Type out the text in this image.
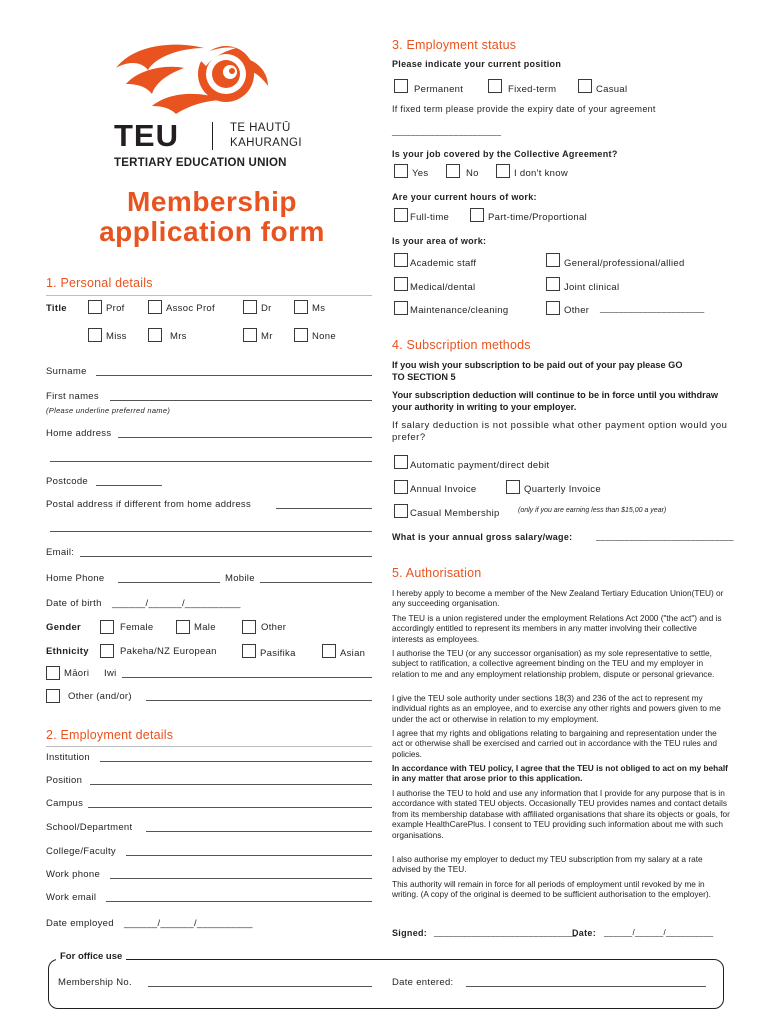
TEU	TE HAUTŪ
KAHURANGI
TERTIARY EDUCATION UNION
Membership
application form
1. Personal details
Title	Prof	Assoc Prof	Dr	Ms
Miss	Mrs	Mr	None
Surname
First names
(Please underline preferred name)
Home address
Postcode
Postal address if different from home address
Email:
Home Phone	Mobile
Date of birth ______/______/__________
Gender	Female	Male	Other
Ethnicity	Pakeha/NZ European	Pasifika	Asian
Māori Iwi
Other (and/or)
2. Employment details
Institution
Position
Campus
School/Department
College/Faculty
Work phone
Work email
Date employed ______/______/__________
3. Employment status
Please indicate your current position
Permanent	Fixed-term	Casual
If fixed term please provide the expiry date of your agreement
_______________________
Is your job covered by the Collective Agreement?
Yes	No	I don't know
Are your current hours of work:
Full-time	Part-time/Proportional
Is your area of work:
Academic staff	General/professional/allied
Medical/dental	Joint clinical
Maintenance/cleaning	Other ______________________
4. Subscription methods
If you wish your subscription to be paid out of your pay please GO TO SECTION 5
Your subscription deduction will continue to be in force until you withdraw your authority in writing to your employer.
If salary deduction is not possible what other payment option would you prefer?
Automatic payment/direct debit
Annual Invoice	Quarterly Invoice
Casual Membership	(only if you are earning less than $15,00 a year)
What is your annual gross salary/wage:	_____________________________
5. Authorisation
I hereby apply to become a member of the New Zealand Tertiary Education Union(TEU) or any succeeding organisation.
The TEU is a union registered under the employment Relations Act 2000 ("the act") and is accordingly entitled to represent its members in any matter involving their collective interests as employees.
I authorise the TEU (or any successor organisation) as my sole representative to settle, subject to ratification, a collective agreement binding on the TEU and my employer in relation to me and any employment relationship problem, dispute or personal grievance.
I give the TEU sole authority under sections 18(3) and 236 of the act to represent my individual rights as an employee, and to exercise any other rights and powers given to me under the act or otherwise in relation to my employment.
I agree that my rights and obligations relating to bargaining and representation under the act or otherwise shall be exercised and carried out in accordance with the TEU rules and policies.
In accordance with TEU policy, I agree that the TEU is not obliged to act on my behalf in any matter that arose prior to this application.
I authorise the TEU to hold and use any information that I provide for any purpose that is in accordance with stated TEU objects. Occasionally TEU provides names and contact details from its membership database with affiliated organisations that share its objects or goals, for example HealthCarePlus. I consent to TEU providing such information about me with such organisations.
I also authorise my employer to deduct my TEU subscription from my salary at a rate advised by the TEU.
This authority will remain in force for all periods of employment until revoked by me in writing. (A copy of the original is deemed to be sufficient authorisation to the employer).
Signed: ______________________________
Date: ______/______/__________
For office use
Membership No.	Date entered:
